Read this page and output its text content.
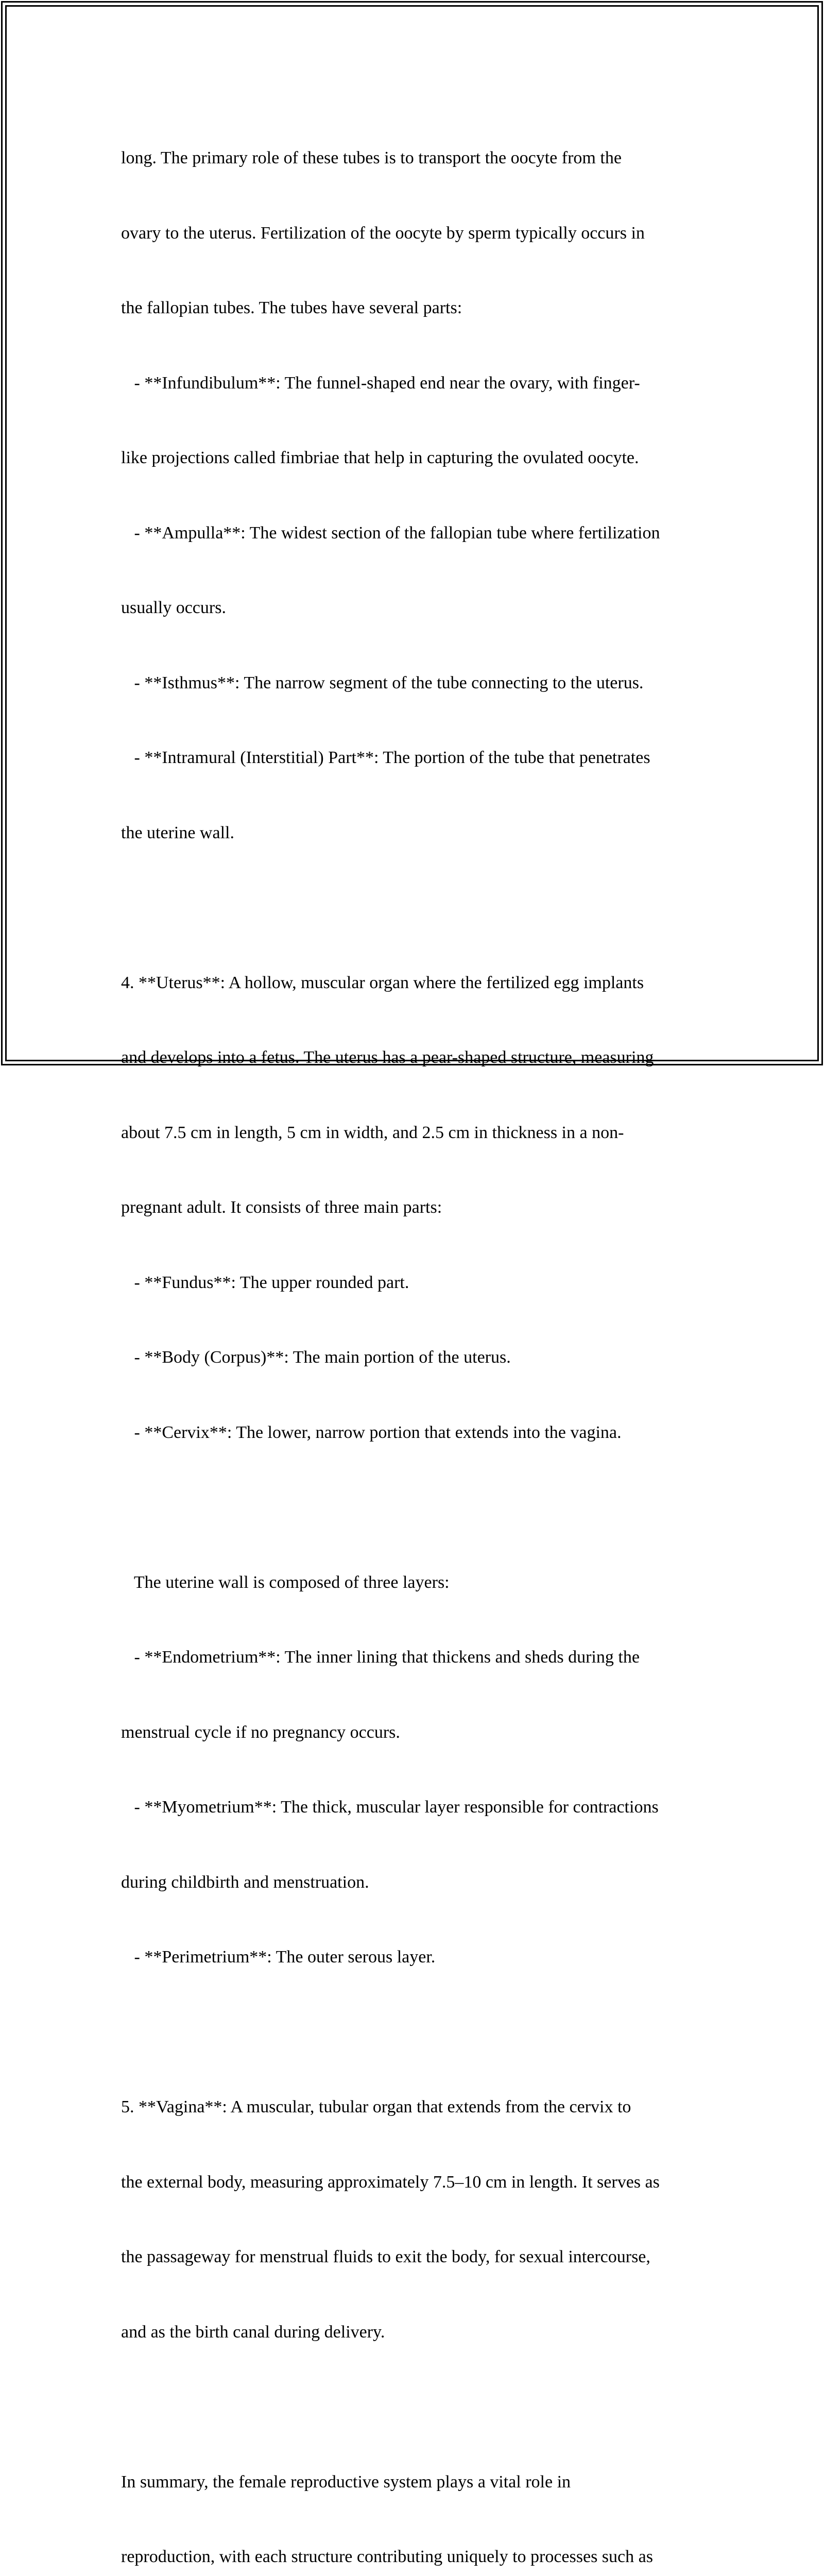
long. The primary role of these tubes is to transport the oocyte from the

ovary to the uterus. Fertilization of the oocyte by sperm typically occurs in

the fallopian tubes. The tubes have several parts:

- **Infundibulum**: The funnel-shaped end near the ovary, with finger-

like projections called fimbriae that help in capturing the ovulated oocyte.

- **Ampulla**: The widest section of the fallopian tube where fertilization

usually occurs.

- **Isthmus**: The narrow segment of the tube connecting to the uterus.

- **Intramural (Interstitial) Part**: The portion of the tube that penetrates

the uterine wall.

4. **Uterus**: A hollow, muscular organ where the fertilized egg implants

and develops into a fetus. The uterus has a pear-shaped structure, measuring

about 7.5 cm in length, 5 cm in width, and 2.5 cm in thickness in a non-

pregnant adult. It consists of three main parts:

- **Fundus**: The upper rounded part.

- **Body (Corpus)**: The main portion of the uterus.

- **Cervix**: The lower, narrow portion that extends into the vagina.

The uterine wall is composed of three layers:

- **Endometrium**: The inner lining that thickens and sheds during the

menstrual cycle if no pregnancy occurs.

- **Myometrium**: The thick, muscular layer responsible for contractions

during childbirth and menstruation.

- **Perimetrium**: The outer serous layer.

5. **Vagina**: A muscular, tubular organ that extends from the cervix to

the external body, measuring approximately 7.5–10 cm in length. It serves as

the passageway for menstrual fluids to exit the body, for sexual intercourse,

and as the birth canal during delivery.

In summary, the female reproductive system plays a vital role in

reproduction, with each structure contributing uniquely to processes such as
